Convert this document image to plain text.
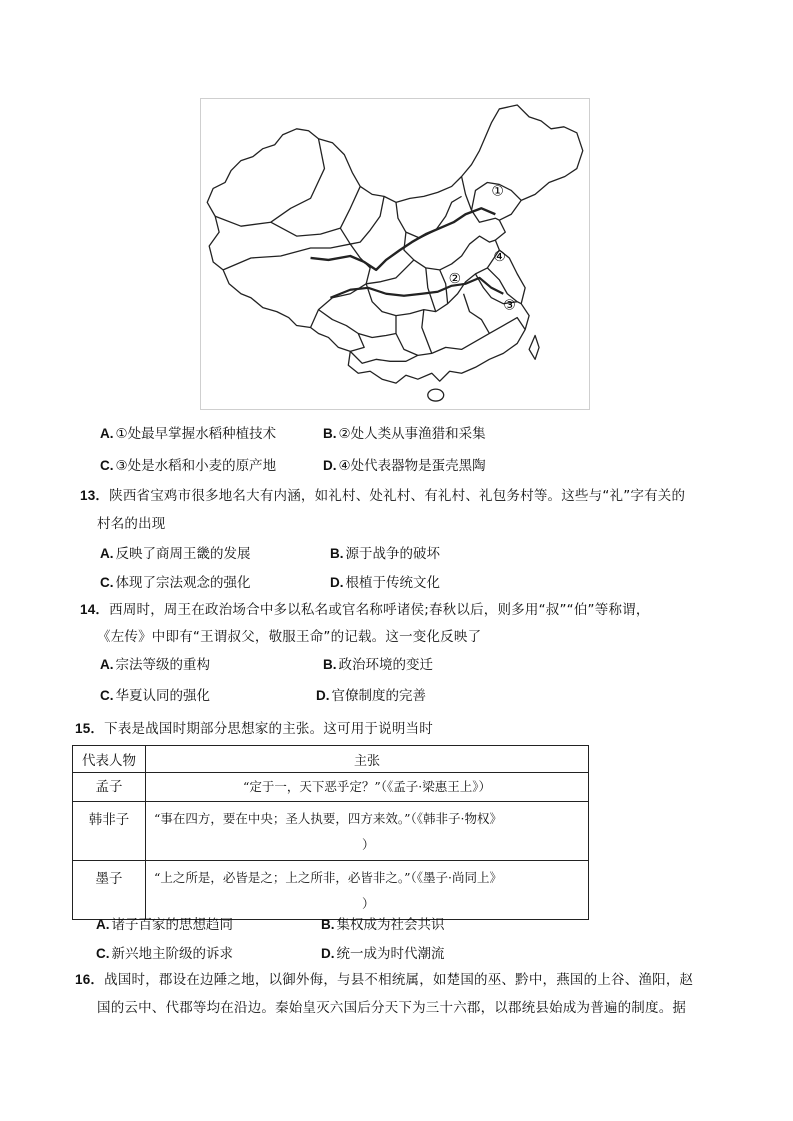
①
②
④
③
A. ①处最早掌握水稻种植技术	B. ②处人类从事渔猎和采集
C. ③处是水稻和小麦的原产地	D. ④处代表器物是蛋壳黑陶
13．陕西省宝鸡市很多地名大有内涵，如礼村、处礼村、有礼村、礼包务村等。这些与“礼”字有关的
村名的出现
A. 反映了商周王畿的发展	B. 源于战争的破坏
C. 体现了宗法观念的强化	D. 根植于传统文化
14．西周时，周王在政治场合中多以私名或官名称呼诸侯;春秋以后，则多用“叔”“伯”等称谓，
《左传》中即有“王谓叔父，敬服王命”的记载。这一变化反映了
A. 宗法等级的重构	B. 政治环境的变迁
C. 华夏认同的强化	D. 官僚制度的完善
15．下表是战国时期部分思想家的主张。这可用于说明当时
代表人物	主张
孟子	“定于一，天下恶乎定？”（《孟子·梁惠王上》）
韩非子	“事在四方，要在中央；圣人执要，四方来效。”（《韩非子·物权》
）

墨子	“上之所是，必皆是之；上之所非，必皆非之。”（《墨子·尚同上》
）
A. 诸子百家的思想趋同	B. 集权成为社会共识
C. 新兴地主阶级的诉求	D. 统一成为时代潮流
16．战国时，郡设在边陲之地，以御外侮，与县不相统属，如楚国的巫、黔中，燕国的上谷、渔阳，赵
国的云中、代郡等均在沿边。秦始皇灭六国后分天下为三十六郡，以郡统县始成为普遍的制度。据
